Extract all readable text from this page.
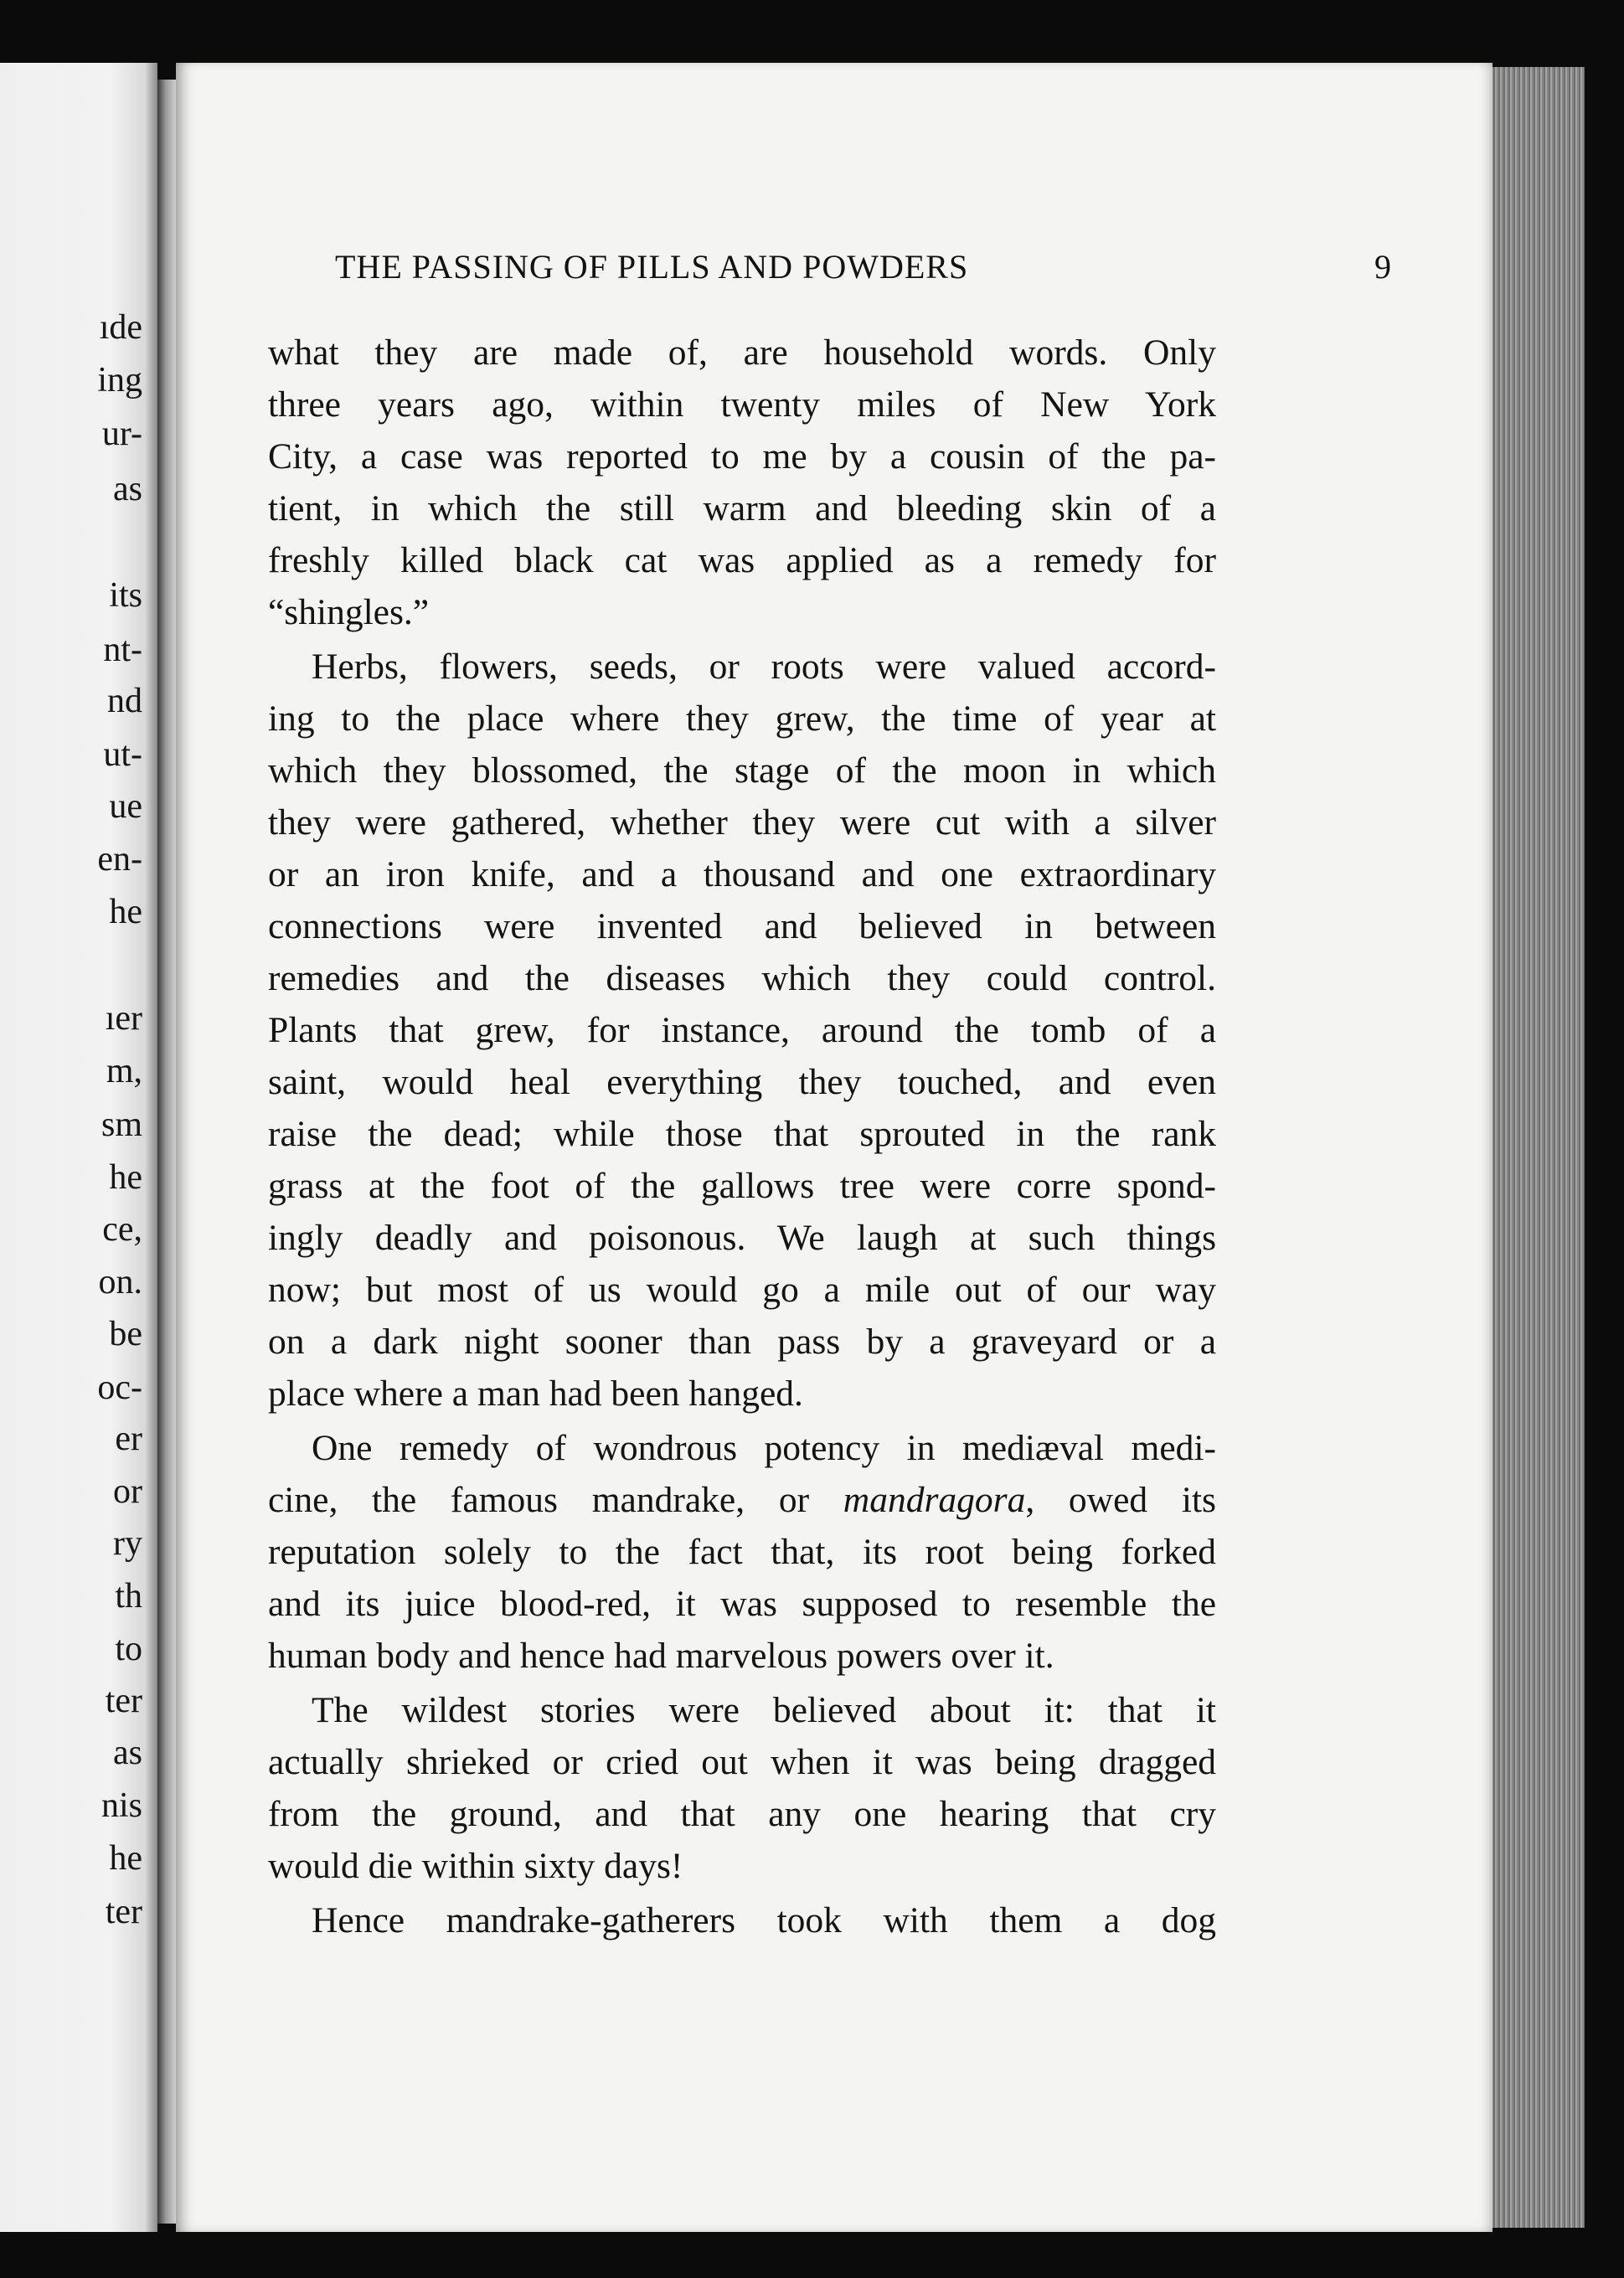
ıde
ing
ur-
as
its
nt-
nd
ut-
ue
en-
he
ıer
m,
sm
he
ce,
on.
be
oc-
er
or
ry
th
to
ter
as
nis
he
ter
THE PASSING OF PILLS AND POWDERS	9
what they are made of, are household words. Only
three years ago, within twenty miles of New York
City, a case was reported to me by a cousin of the pa-
tient, in which the still warm and bleeding skin of a
freshly killed black cat was applied as a remedy for
“shingles.”
Herbs, flowers, seeds, or roots were valued accord-
ing to the place where they grew, the time of year at
which they blossomed, the stage of the moon in which
they were gathered, whether they were cut with a silver
or an iron knife, and a thousand and one extraordinary
connections were invented and believed in between
remedies and the diseases which they could control.
Plants that grew, for instance, around the tomb of a
saint, would heal everything they touched, and even
raise the dead; while those that sprouted in the rank
grass at the foot of the gallows tree were corre spond-
ingly deadly and poisonous. We laugh at such things
now; but most of us would go a mile out of our way
on a dark night sooner than pass by a graveyard or a
place where a man had been hanged.
One remedy of wondrous potency in mediæval medi-
cine, the famous mandrake, or mandragora, owed its
reputation solely to the fact that, its root being forked
and its juice blood-red, it was supposed to resemble the
human body and hence had marvelous powers over it.
The wildest stories were believed about it: that it
actually shrieked or cried out when it was being dragged
from the ground, and that any one hearing that cry
would die within sixty days!
Hence mandrake-gatherers took with them a dog
